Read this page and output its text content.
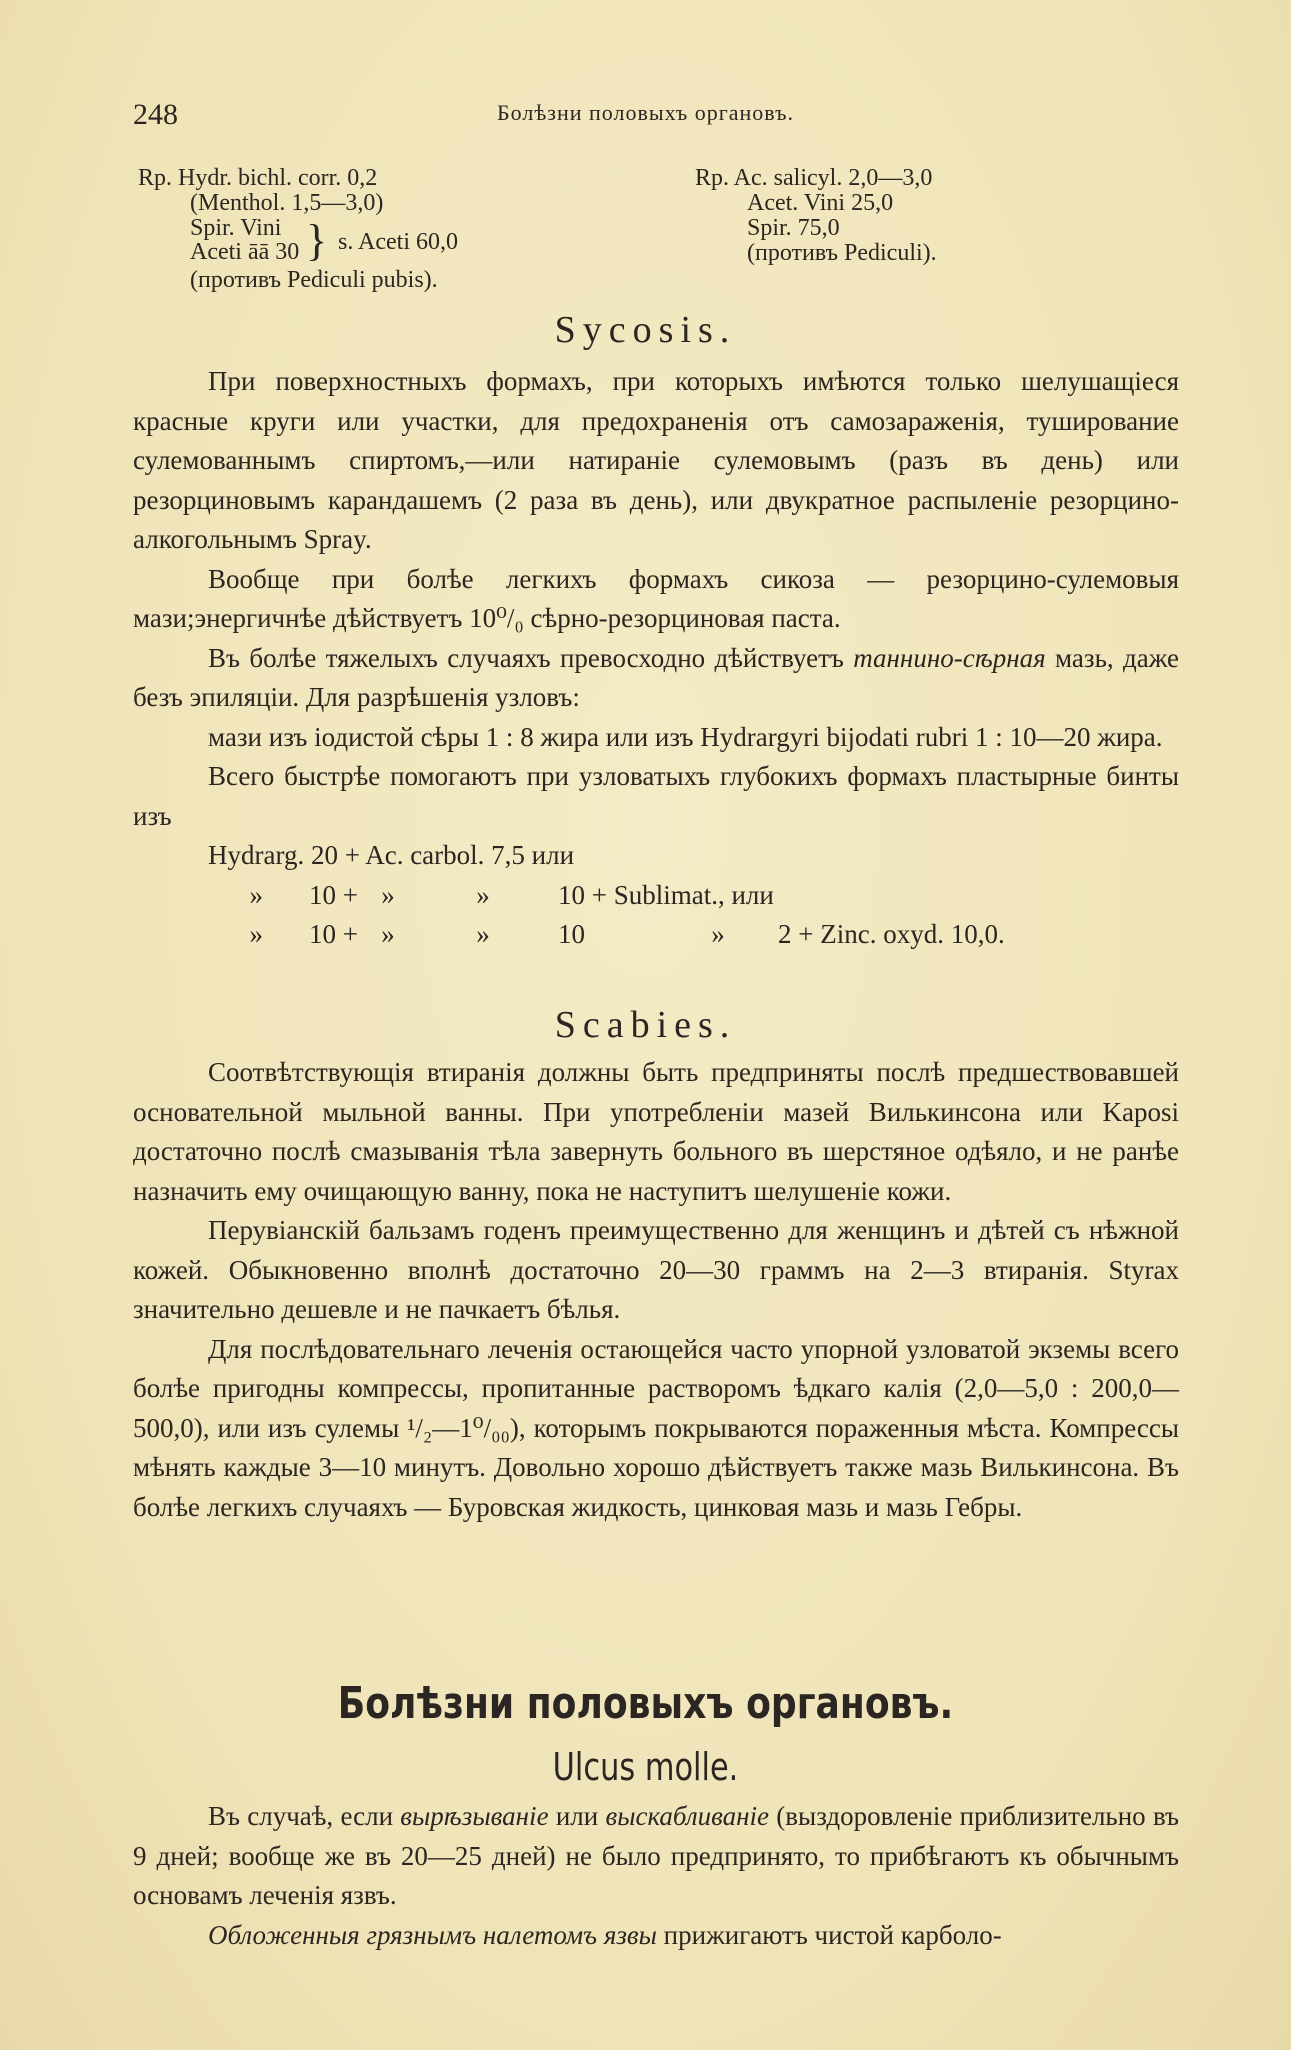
248	Болѣзни половыхъ органовъ.
Rp. Hydr. bichl. corr. 0,2
(Menthol. 1,5—3,0)
Spir. Vini
Aceti āā 30 } s. Aceti 60,0
(противъ Pediculi pubis).
Rp. Ac. salicyl. 2,0—3,0
Acet. Vini 25,0
Spir. 75,0
(противъ Pediculi).
Sycosis.

При поверхностныхъ формахъ, при которыхъ имѣются только шелушащіеся красные круги или участки, для предохраненія отъ самозараженія, туширование сулемованнымъ спиртомъ,—или натираніе сулемовымъ (разъ въ день) или резорциновымъ карандашемъ (2 раза въ день), или двукратное распыленіе резорцино-алкогольнымъ Spray.

Вообще при болѣе легкихъ формахъ сикоза — резорцино-сулемовыя мази;энергичнѣе дѣйствуетъ 10⁰/₀ сѣрно-резорциновая паста.

Въ болѣе тяжелыхъ случаяхъ превосходно дѣйствуетъ таннино-сѣрная мазь, даже безъ эпиляціи. Для разрѣшенія узловъ:

мази изъ іодистой сѣры 1 : 8 жира или изъ Hydrargyri bijodati rubri 1 : 10—20 жира.

Всего быстрѣе помогаютъ при узловатыхъ глубокихъ формахъ пластырные бинты изъ

Hydrarg. 20 + Ac. carbol. 7,5 или
» 10 + »	»	10 + Sublimat., или
» 10 + »	»	10	» 2 + Zinc. oxyd. 10,0.
Scabies.

Соотвѣтствующія втиранія должны быть предприняты послѣ предшествовавшей основательной мыльной ванны. При употребленіи мазей Вилькинсона или Kaposi достаточно послѣ смазыванія тѣла завернуть больного въ шерстяное одѣяло, и не ранѣе назначить ему очищающую ванну, пока не наступитъ шелушеніе кожи.

Перувіанскій бальзамъ годенъ преимущественно для женщинъ и дѣтей съ нѣжной кожей. Обыкновенно вполнѣ достаточно 20—30 граммъ на 2—3 втиранія. Styrax значительно дешевле и не пачкаетъ бѣлья.

Для послѣдовательнаго леченія остающейся часто упорной узловатой экземы всего болѣе пригодны компрессы, пропитанные растворомъ ѣдкаго калія (2,0—5,0 : 200,0—500,0), или изъ сулемы ¹/₂—1⁰/₀₀), которымъ покрываются пораженныя мѣста. Компрессы мѣнять каждые 3—10 минутъ. Довольно хорошо дѣйствуетъ также мазь Вилькинсона. Въ болѣе легкихъ случаяхъ — Буровская жидкость, цинковая мазь и мазь Гебры.

Болѣзни половыхъ органовъ.
Ulcus molle.

Въ случаѣ, если вырѣзываніе или выскабливаніе (выздоровленіе приблизительно въ 9 дней; вообще же въ 20—25 дней) не было предпринято, то прибѣгаютъ къ обычнымъ основамъ леченія язвъ.

Обложенныя грязнымъ налетомъ язвы прижигаютъ чистой карболо-
